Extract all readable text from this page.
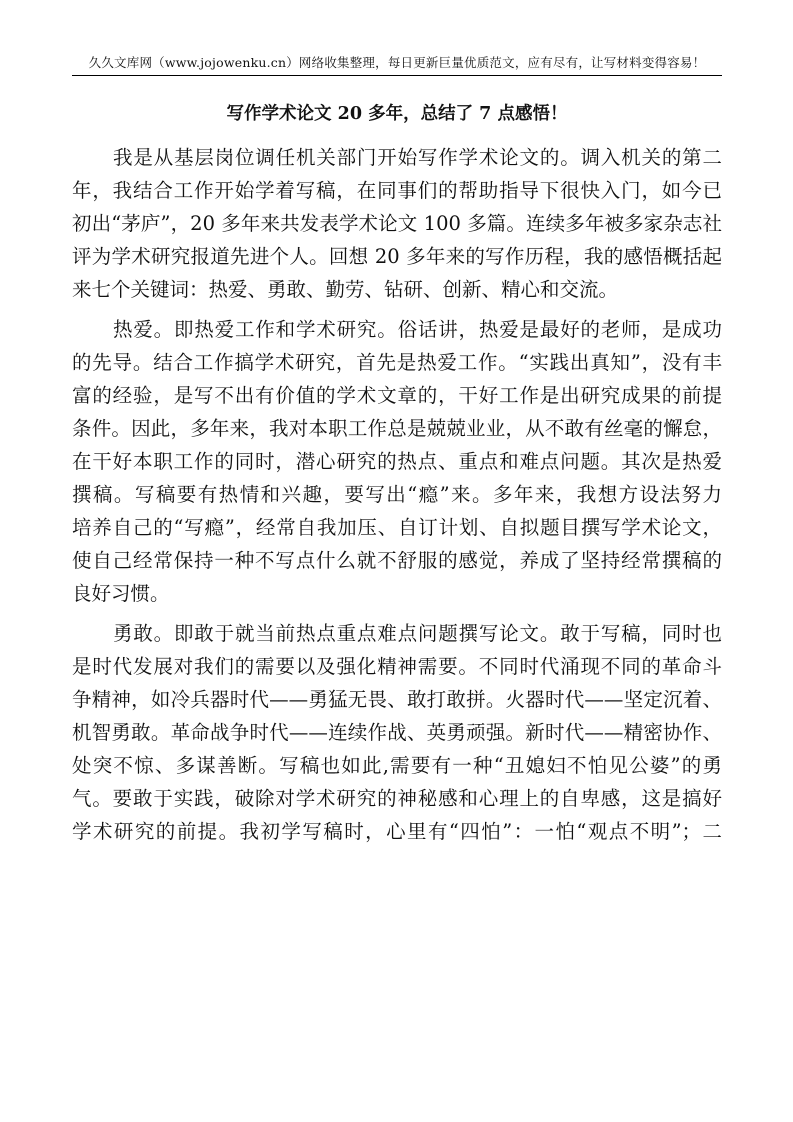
久久文库网（www.jojowenku.cn）网络收集整理，每日更新巨量优质范文，应有尽有，让写材料变得容易！
写作学术论文 20 多年，总结了 7 点感悟！
我是从基层岗位调任机关部门开始写作学术论文的。调入机关的第二
年，我结合工作开始学着写稿，在同事们的帮助指导下很快入门，如今已
初出“茅庐”，20 多年来共发表学术论文 100 多篇。连续多年被多家杂志社
评为学术研究报道先进个人。回想 20 多年来的写作历程，我的感悟概括起
来七个关键词：热爱、勇敢、勤劳、钻研、创新、精心和交流。
热爱。即热爱工作和学术研究。俗话讲，热爱是最好的老师，是成功
的先导。结合工作搞学术研究，首先是热爱工作。“实践出真知”，没有丰
富的经验，是写不出有价值的学术文章的，干好工作是出研究成果的前提
条件。因此，多年来，我对本职工作总是兢兢业业，从不敢有丝毫的懈怠，
在干好本职工作的同时，潜心研究的热点、重点和难点问题。其次是热爱
撰稿。写稿要有热情和兴趣，要写出“瘾”来。多年来，我想方设法努力
培养自己的“写瘾”，经常自我加压、自订计划、自拟题目撰写学术论文，
使自己经常保持一种不写点什么就不舒服的感觉，养成了坚持经常撰稿的
良好习惯。
勇敢。即敢于就当前热点重点难点问题撰写论文。敢于写稿，同时也
是时代发展对我们的需要以及强化精神需要。不同时代涌现不同的革命斗
争精神，如冷兵器时代——勇猛无畏、敢打敢拼。火器时代——坚定沉着、
机智勇敢。革命战争时代——连续作战、英勇顽强。新时代——精密协作、
处突不惊、多谋善断。写稿也如此,需要有一种“丑媳妇不怕见公婆”的勇
气。要敢于实践，破除对学术研究的神秘感和心理上的自卑感，这是搞好
学术研究的前提。我初学写稿时，心里有“四怕”：一怕“观点不明”；二
